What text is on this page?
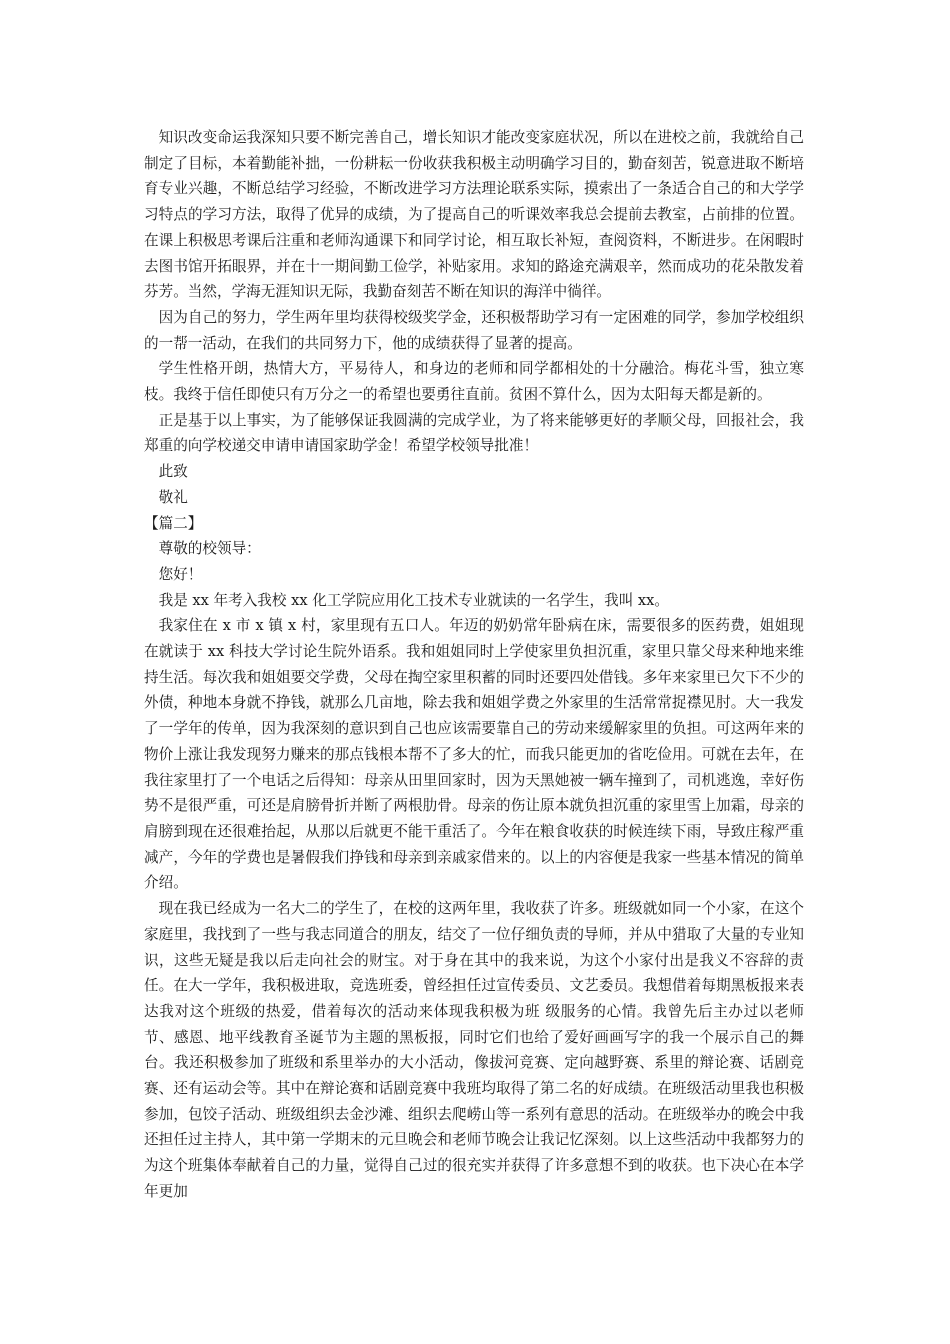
知识改变命运我深知只要不断完善自己，增长知识才能改变家庭状况，所以在进校之前，我就给自己制定了目标，本着勤能补拙，一份耕耘一份收获我积极主动明确学习目的，勤奋刻苦，锐意进取不断培育专业兴趣，不断总结学习经验，不断改进学习方法理论联系实际，摸索出了一条适合自己的和大学学习特点的学习方法，取得了优异的成绩，为了提高自己的听课效率我总会提前去教室，占前排的位置。在课上积极思考课后注重和老师沟通课下和同学讨论，相互取长补短，查阅资料，不断进步。在闲暇时去图书馆开拓眼界，并在十一期间勤工俭学，补贴家用。求知的路途充满艰辛，然而成功的花朵散发着芬芳。当然，学海无涯知识无际，我勤奋刻苦不断在知识的海洋中徜徉。

因为自己的努力，学生两年里均获得校级奖学金，还积极帮助学习有一定困难的同学，参加学校组织的一帮一活动，在我们的共同努力下，他的成绩获得了显著的提高。

学生性格开朗，热情大方，平易待人，和身边的老师和同学都相处的十分融洽。梅花斗雪，独立寒枝。我终于信任即使只有万分之一的希望也要勇往直前。贫困不算什么，因为太阳每天都是新的。

正是基于以上事实，为了能够保证我圆满的完成学业，为了将来能够更好的孝顺父母，回报社会，我郑重的向学校递交申请申请国家助学金！希望学校领导批准！

此致

敬礼

【篇二】

尊敬的校领导：

您好！

我是 xx 年考入我校 xx 化工学院应用化工技术专业就读的一名学生，我叫 xx。

我家住在 x 市 x 镇 x 村，家里现有五口人。年迈的奶奶常年卧病在床，需要很多的医药费，姐姐现在就读于 xx 科技大学讨论生院外语系。我和姐姐同时上学使家里负担沉重，家里只靠父母来种地来维持生活。每次我和姐姐要交学费，父母在掏空家里积蓄的同时还要四处借钱。多年来家里已欠下不少的外债，种地本身就不挣钱，就那么几亩地，除去我和姐姐学费之外家里的生活常常捉襟见肘。大一我发了一学年的传单，因为我深刻的意识到自己也应该需要靠自己的劳动来缓解家里的负担。可这两年来的物价上涨让我发现努力赚来的那点钱根本帮不了多大的忙，而我只能更加的省吃俭用。可就在去年，在我往家里打了一个电话之后得知：母亲从田里回家时，因为天黑她被一辆车撞到了，司机逃逸，幸好伤势不是很严重，可还是肩膀骨折并断了两根肋骨。母亲的伤让原本就负担沉重的家里雪上加霜，母亲的肩膀到现在还很难抬起，从那以后就更不能干重活了。今年在粮食收获的时候连续下雨，导致庄稼严重减产，今年的学费也是暑假我们挣钱和母亲到亲戚家借来的。以上的内容便是我家一些基本情况的简单介绍。

现在我已经成为一名大二的学生了，在校的这两年里，我收获了许多。班级就如同一个小家，在这个家庭里，我找到了一些与我志同道合的朋友，结交了一位仔细负责的导师，并从中猎取了大量的专业知识，这些无疑是我以后走向社会的财宝。对于身在其中的我来说，为这个小家付出是我义不容辞的责任。在大一学年，我积极进取，竞选班委，曾经担任过宣传委员、文艺委员。我想借着每期黑板报来表达我对这个班级的热爱，借着每次的活动来体现我积极为班 级服务的心情。我曾先后主办过以老师节、感恩、地平线教育圣诞节为主题的黑板报，同时它们也给了爱好画画写字的我一个展示自己的舞台。我还积极参加了班级和系里举办的大小活动，像拔河竞赛、定向越野赛、系里的辩论赛、话剧竞赛、还有运动会等。其中在辩论赛和话剧竞赛中我班均取得了第二名的好成绩。在班级活动里我也积极参加，包饺子活动、班级组织去金沙滩、组织去爬崂山等一系列有意思的活动。在班级举办的晚会中我还担任过主持人，其中第一学期末的元旦晚会和老师节晚会让我记忆深刻。以上这些活动中我都努力的为这个班集体奉献着自己的力量，觉得自己过的很充实并获得了许多意想不到的收获。也下决心在本学年更加
